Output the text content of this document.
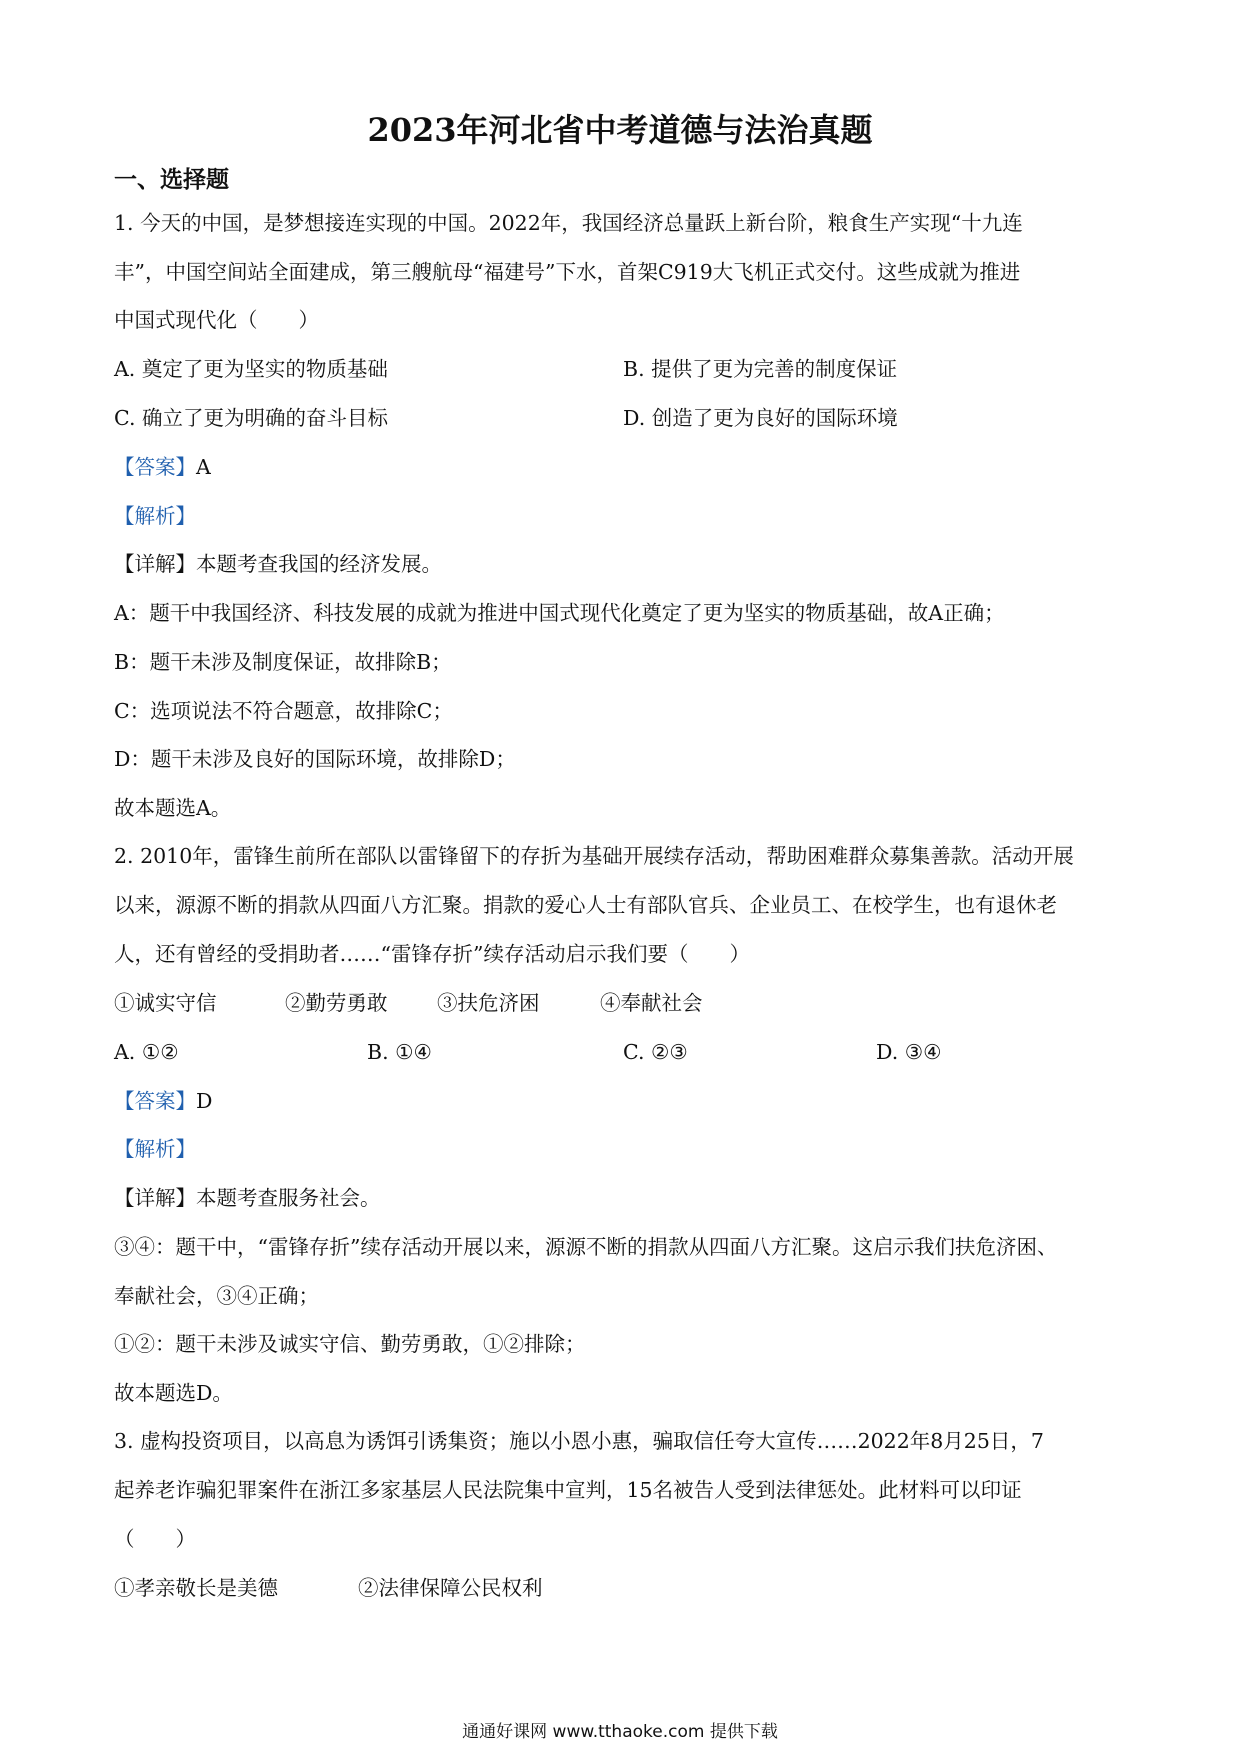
2023年河北省中考道德与法治真题
一、选择题
1. 今天的中国，是梦想接连实现的中国。2022年，我国经济总量跃上新台阶，粮食生产实现“十九连
丰”，中国空间站全面建成，第三艘航母“福建号”下水，首架C919大飞机正式交付。这些成就为推进
中国式现代化（　　）
A. 奠定了更为坚实的物质基础	B. 提供了更为完善的制度保证
C. 确立了更为明确的奋斗目标	D. 创造了更为良好的国际环境
【答案】A
【解析】
【详解】本题考查我国的经济发展。
A：题干中我国经济、科技发展的成就为推进中国式现代化奠定了更为坚实的物质基础，故A正确；
B：题干未涉及制度保证，故排除B；
C：选项说法不符合题意，故排除C；
D：题干未涉及良好的国际环境，故排除D；
故本题选A。
2. 2010年，雷锋生前所在部队以雷锋留下的存折为基础开展续存活动，帮助困难群众募集善款。活动开展
以来，源源不断的捐款从四面八方汇聚。捐款的爱心人士有部队官兵、企业员工、在校学生，也有退休老
人，还有曾经的受捐助者……“雷锋存折”续存活动启示我们要（　　）
①诚实守信	②勤劳勇敢 ③扶危济困	④奉献社会
A. ①②	B. ①④	C. ②③	D. ③④
【答案】D
【解析】
【详解】本题考查服务社会。
③④：题干中，“雷锋存折”续存活动开展以来，源源不断的捐款从四面八方汇聚。这启示我们扶危济困、
奉献社会，③④正确；
①②：题干未涉及诚实守信、勤劳勇敢，①②排除；
故本题选D。
3. 虚构投资项目，以高息为诱饵引诱集资；施以小恩小惠，骗取信任夸大宣传……2022年8月25日，7
起养老诈骗犯罪案件在浙江多家基层人民法院集中宣判，15名被告人受到法律惩处。此材料可以印证
（　　）
①孝亲敬长是美德	②法律保障公民权利
通通好课网 www.tthaoke.com 提供下载
